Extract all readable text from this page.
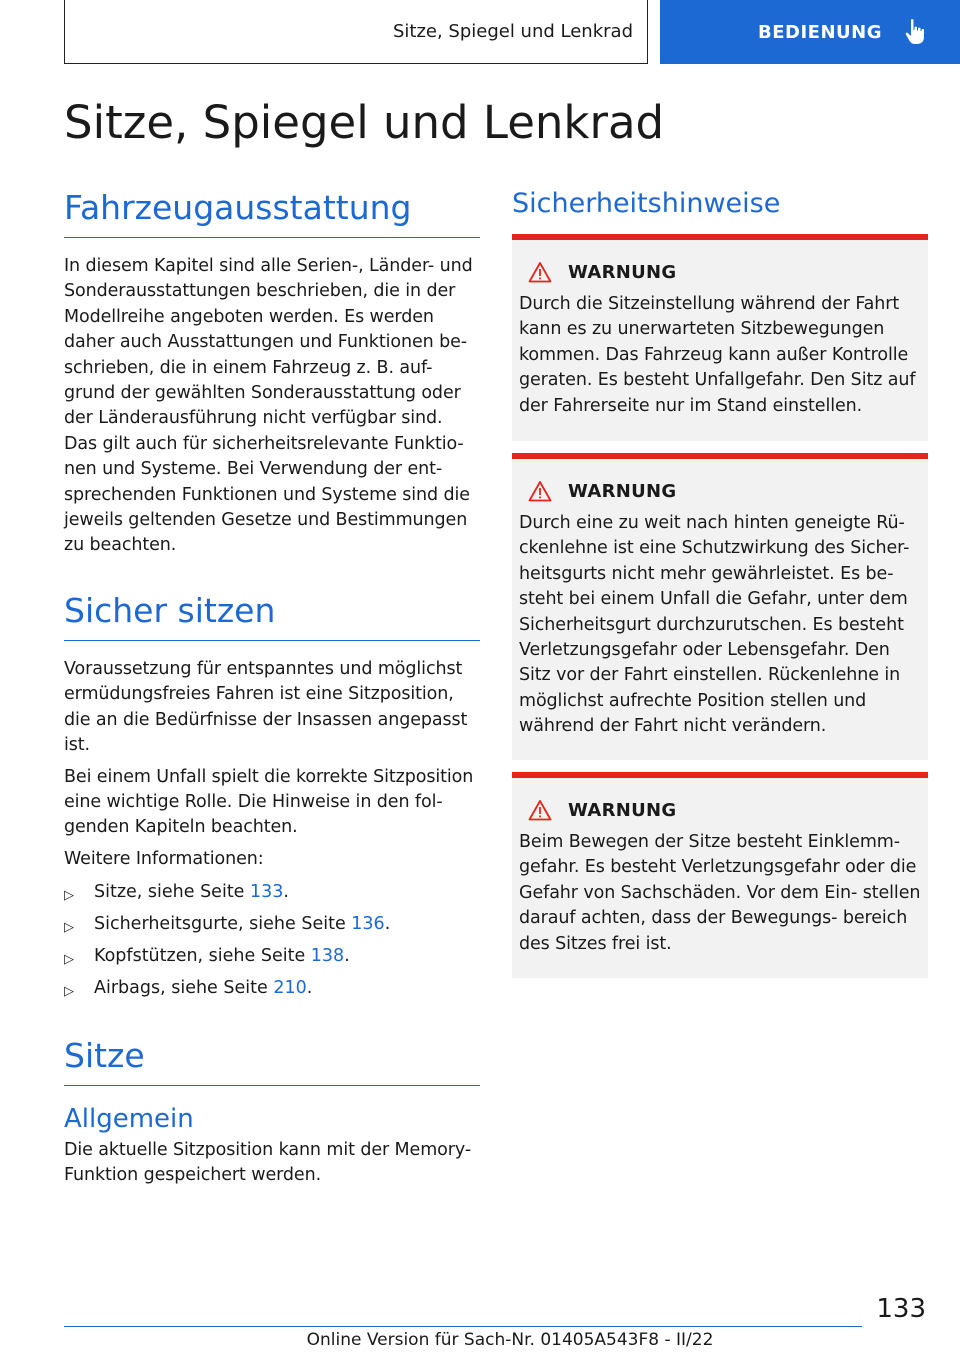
Sitze, Spiegel und Lenkrad	BEDIENUNG
Sitze, Spiegel und Lenkrad
Fahrzeugausstattung

In diesem Kapitel sind alle Serien-, Länder- und Sonderausstattungen beschrieben, die in der Modellreihe angeboten werden. Es werden daher auch Ausstattungen und Funktionen be- schrieben, die in einem Fahrzeug z. B. auf- grund der gewählten Sonderausstattung oder der Länderausführung nicht verfügbar sind. Das gilt auch für sicherheitsrelevante Funktio- nen und Systeme. Bei Verwendung der ent- sprechenden Funktionen und Systeme sind die jeweils geltenden Gesetze und Bestimmungen zu beachten.

Sicher sitzen

Voraussetzung für entspanntes und möglichst ermüdungsfreies Fahren ist eine Sitzposition, die an die Bedürfnisse der Insassen angepasst ist.

Bei einem Unfall spielt die korrekte Sitzposition eine wichtige Rolle. Die Hinweise in den fol- genden Kapiteln beachten.

Weitere Informationen:

▷ Sitze, siehe Seite 133.
▷ Sicherheitsgurte, siehe Seite 136.
▷ Kopfstützen, siehe Seite 138.
▷ Airbags, siehe Seite 210.
Sitze
Allgemein

Die aktuelle Sitzposition kann mit der Memory- Funktion gespeichert werden.

Sicherheitshinweise
WARNUNG

Durch die Sitzeinstellung während der Fahrt kann es zu unerwarteten Sitzbewegungen kommen. Das Fahrzeug kann außer Kontrolle geraten. Es besteht Unfallgefahr. Den Sitz auf der Fahrerseite nur im Stand einstellen.

WARNUNG

Durch eine zu weit nach hinten geneigte Rü- ckenlehne ist eine Schutzwirkung des Sicher- heitsgurts nicht mehr gewährleistet. Es be- steht bei einem Unfall die Gefahr, unter dem Sicherheitsgurt durchzurutschen. Es besteht Verletzungsgefahr oder Lebensgefahr. Den Sitz vor der Fahrt einstellen. Rückenlehne in möglichst aufrechte Position stellen und während der Fahrt nicht verändern.

WARNUNG

Beim Bewegen der Sitze besteht Einklemm- gefahr. Es besteht Verletzungsgefahr oder die Gefahr von Sachschäden. Vor dem Ein- stellen darauf achten, dass der Bewegungs- bereich des Sitzes frei ist.

133
Online Version für Sach-Nr. 01405A543F8 - II/22
